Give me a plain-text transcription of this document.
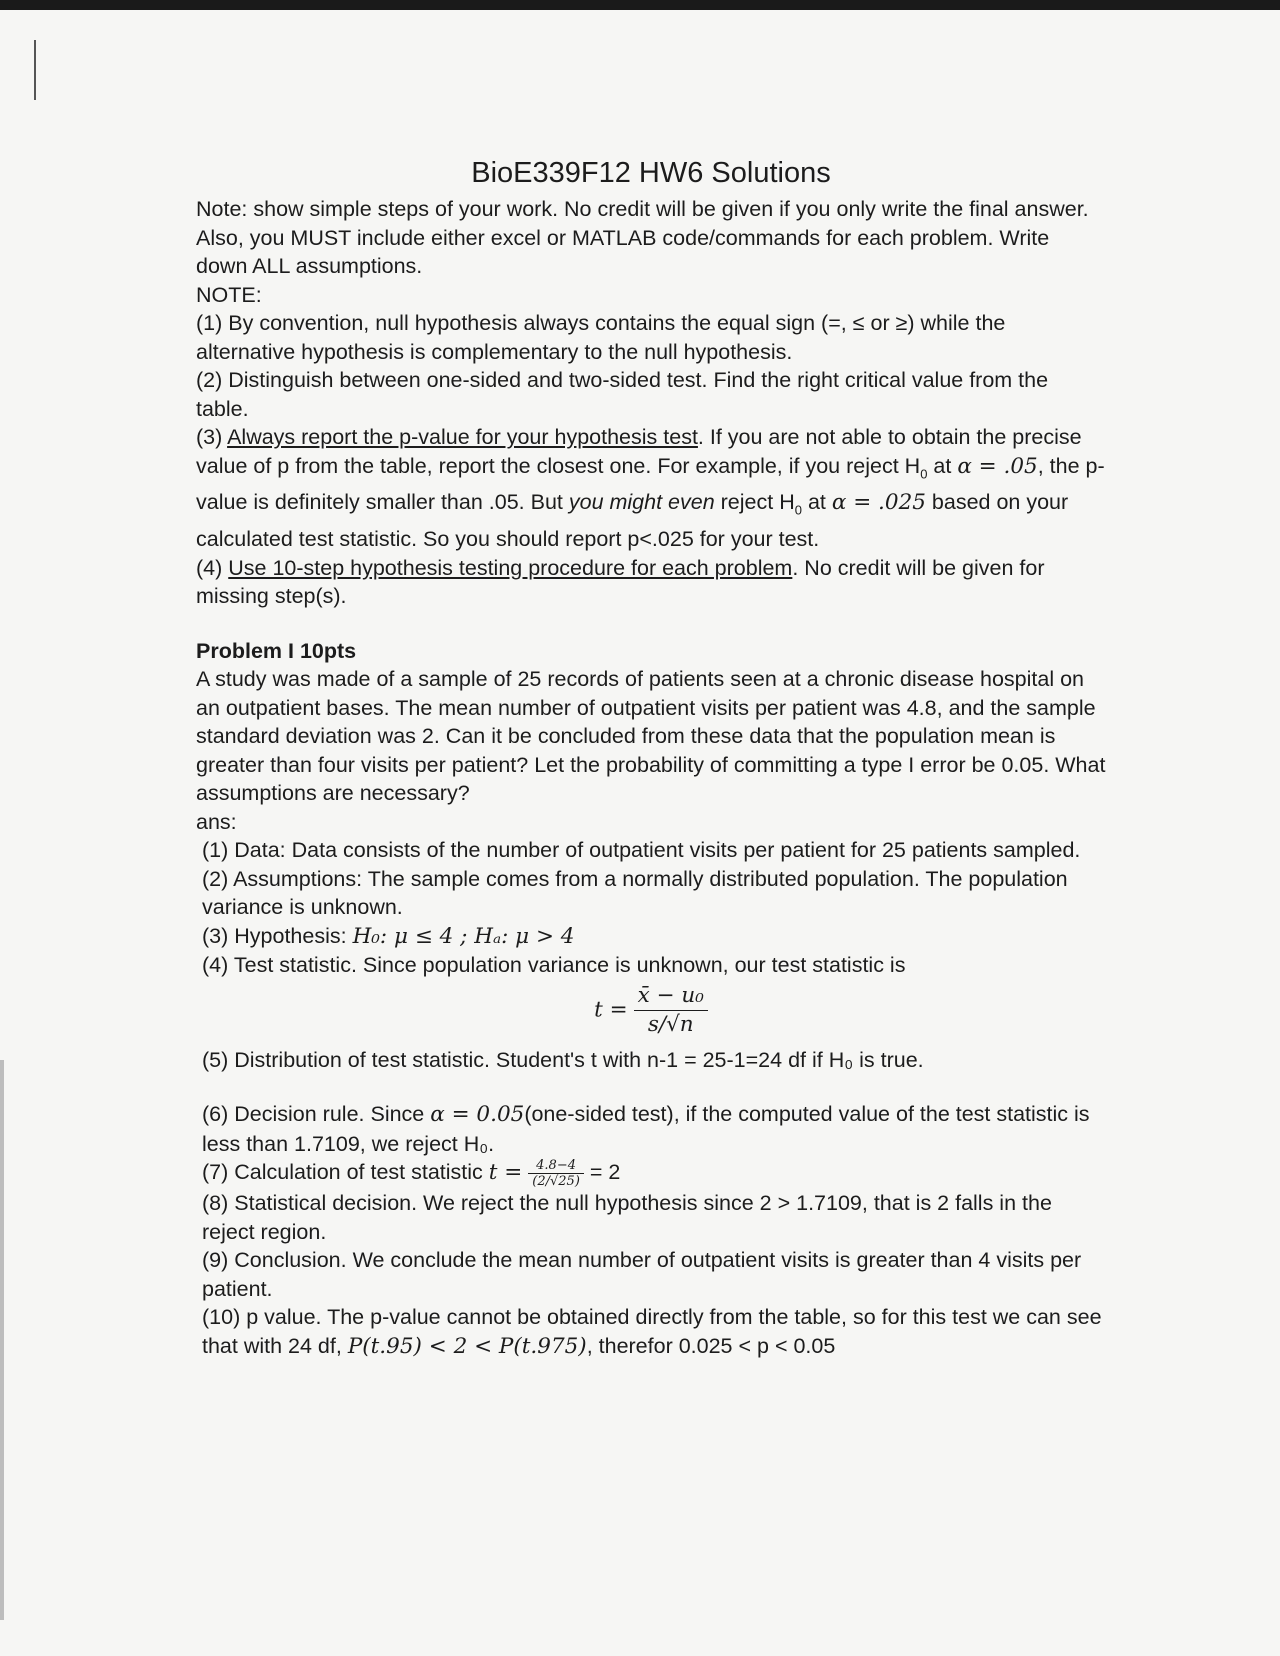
BioE339F12 HW6 Solutions

Note: show simple steps of your work. No credit will be given if you only write the final answer. Also, you MUST include either excel or MATLAB code/commands for each problem. Write down ALL assumptions.

NOTE:

(1) By convention, null hypothesis always contains the equal sign (=, ≤ or ≥) while the alternative hypothesis is complementary to the null hypothesis.

(2) Distinguish between one-sided and two-sided test. Find the right critical value from the table.

(3) Always report the p-value for your hypothesis test. If you are not able to obtain the precise value of p from the table, report the closest one. For example, if you reject $H_0$ at α = .05, the p-value is definitely smaller than .05. But you might even reject $H_0$ at α = .025 based on your calculated test statistic. So you should report p<.025 for your test.

(4) Use 10-step hypothesis testing procedure for each problem. No credit will be given for missing step(s).

Problem I 10pts

A study was made of a sample of 25 records of patients seen at a chronic disease hospital on an outpatient bases. The mean number of outpatient visits per patient was 4.8, and the sample standard deviation was 2. Can it be concluded from these data that the population mean is greater than four visits per patient? Let the probability of committing a type I error be 0.05. What assumptions are necessary?

ans:

(1) Data: Data consists of the number of outpatient visits per patient for 25 patients sampled.

(2) Assumptions: The sample comes from a normally distributed population. The population variance is unknown.

(3) Hypothesis: H₀: μ ≤ 4 ; Hₐ: μ > 4

(4) Test statistic. Since population variance is unknown, our test statistic is

$t = \frac{\text{x̄ − u₀}}{s/√n}$

(5) Distribution of test statistic. Student's t with n-1 = 25-1=24 df if H₀ is true.

(6) Decision rule. Since α = 0.05(one-sided test), if the computed value of the test statistic is less than 1.7109, we reject H₀.

(7) Calculation of test statistic $t = \frac{4.8-4}{(2/√25)} = 2$

(8) Statistical decision. We reject the null hypothesis since 2 > 1.7109, that is 2 falls in the reject region.

(9) Conclusion. We conclude the mean number of outpatient visits is greater than 4 visits per patient.

(10) p value. The p-value cannot be obtained directly from the table, so for this test we can see that with 24 df, P(t.95) < 2 < P(t.975), therefor 0.025 < p < 0.05
